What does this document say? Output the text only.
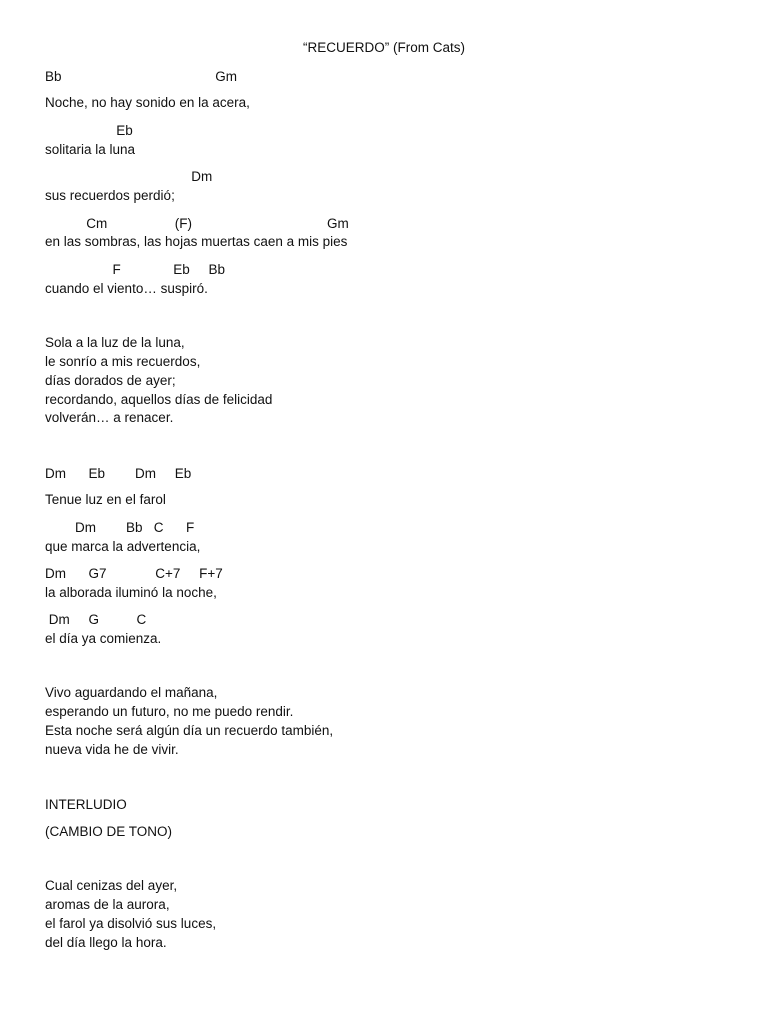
“RECUERDO” (From Cats)
Bb                                         Gm
Noche, no hay sonido en la acera,
Eb
solitaria la luna
Dm
sus recuerdos perdió;
Cm                  (F)                                    Gm
en las sombras, las hojas muertas caen a mis pies
F              Eb     Bb
cuando el viento… suspiró.
Sola a la luz de la luna,
le sonrío a mis recuerdos,
días dorados de ayer;
recordando, aquellos días de felicidad
volverán… a renacer.
Dm      Eb        Dm     Eb
Tenue luz en el farol
Dm        Bb   C      F
que marca la advertencia,
Dm      G7             C+7     F+7
la alborada iluminó la noche,
Dm     G          C
el día ya comienza.
Vivo aguardando el mañana,
esperando un futuro, no me puedo rendir.
Esta noche será algún día un recuerdo también,
nueva vida he de vivir.
INTERLUDIO
(CAMBIO DE TONO)
Cual cenizas del ayer,
aromas de la aurora,
el farol ya disolvió sus luces,
del día llego la hora.
